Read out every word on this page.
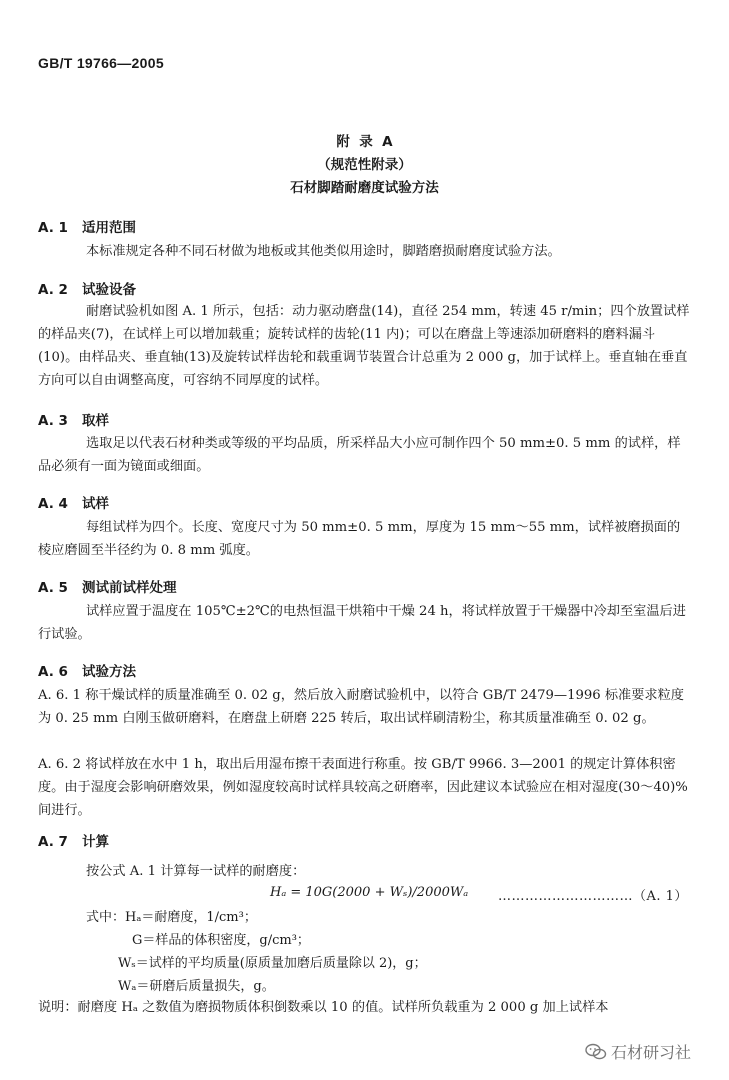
GB/T 19766—2005
附  录  A
（规范性附录）
石材脚踏耐磨度试验方法
A. 1   适用范围
本标准规定各种不同石材做为地板或其他类似用途时，脚踏磨损耐磨度试验方法。
A. 2   试验设备
耐磨试验机如图 A. 1 所示，包括：动力驱动磨盘(14)，直径 254 mm，转速 45 r/min；四个放置试样的样品夹(7)，在试样上可以增加载重；旋转试样的齿轮(11 内)；可以在磨盘上等速添加研磨料的磨料漏斗(10)。由样品夹、垂直轴(13)及旋转试样齿轮和载重调节装置合计总重为 2 000 g，加于试样上。垂直轴在垂直方向可以自由调整高度，可容纳不同厚度的试样。
A. 3   取样
选取足以代表石材种类或等级的平均品质，所采样品大小应可制作四个 50 mm±0. 5 mm 的试样，样品必须有一面为镜面或细面。
A. 4   试样
每组试样为四个。长度、宽度尺寸为 50 mm±0. 5 mm，厚度为 15 mm～55 mm，试样被磨损面的棱应磨圆至半径约为 0. 8 mm 弧度。
A. 5   测试前试样处理
试样应置于温度在 105℃±2℃的电热恒温干烘箱中干燥 24 h，将试样放置于干燥器中冷却至室温后进行试验。
A. 6   试验方法
A. 6. 1 称干燥试样的质量准确至 0. 02 g，然后放入耐磨试验机中，以符合 GB/T 2479—1996 标准要求粒度为 0. 25 mm 白刚玉做研磨料，在磨盘上研磨 225 转后，取出试样刷清粉尘，称其质量准确至 0. 02 g。
A. 6. 2 将试样放在水中 1 h，取出后用湿布擦干表面进行称重。按 GB/T 9966. 3—2001 的规定计算体积密度。由于湿度会影响研磨效果，例如湿度较高时试样具较高之研磨率，因此建议本试验应在相对湿度(30～40)%间进行。
A. 7   计算
按公式 A. 1 计算每一试样的耐磨度：
Hₐ = 10G(2000 + Wₛ)/2000Wₐ …………………………（A. 1）
式中：Hₐ＝耐磨度，1/cm³；
G＝样品的体积密度，g/cm³；
Wₛ＝试样的平均质量(原质量加磨后质量除以 2)，g；
Wₐ＝研磨后质量损失，g。
说明：耐磨度 Hₐ 之数值为磨损物质体积倒数乘以 10 的值。试样所负载重为 2 000 g 加上试样本
石材研习社
